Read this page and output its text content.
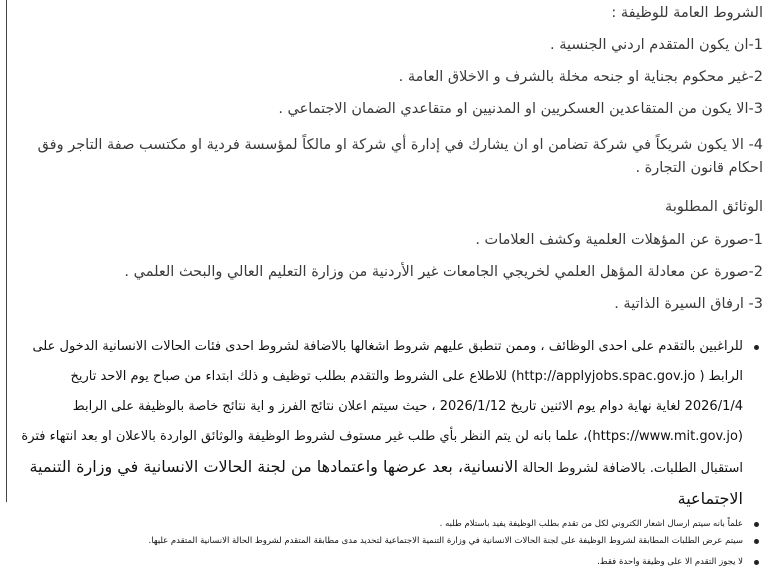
الشروط العامة للوظيفة :
1-ان يكون المتقدم اردني الجنسية .
2-غير محكوم بجناية او جنحه مخلة بالشرف و الاخلاق العامة .
3-الا يكون من المتقاعدين العسكريين او المدنيين او متقاعدي الضمان الاجتماعي .
4- الا يكون شريكاً في شركة تضامن او ان يشارك في إدارة أي شركة او مالكاً لمؤسسة فردية او مكتسب صفة التاجر وفق احكام قانون التجارة .
الوثائق المطلوبة
1-صورة عن المؤهلات العلمية وكشف العلامات .
2-صورة عن معادلة المؤهل العلمي لخريجي الجامعات غير الأردنية من وزارة التعليم العالي والبحث العلمي .
3- ارفاق السيرة الذاتية .
للراغبين بالتقدم على احدى الوظائف ، وممن تنطبق عليهم شروط اشغالها بالاضافة لشروط احدى فئات الحالات الانسانية الدخول على الرابط ( http://applyjobs.spac.gov.jo) للاطلاع على الشروط والتقدم بطلب توظيف و ذلك ابتداء من صباح يوم الاحد تاريخ 2026/1/4 لغاية نهاية دوام يوم الاثنين تاريخ 2026/1/12 ، حيث سيتم اعلان نتائج الفرز و اية نتائج خاصة بالوظيفة على الرابط (https://www.mit.gov.jo)، علما بانه لن يتم النظر بأي طلب غير مستوف لشروط الوظيفة والوثائق الواردة بالاعلان او بعد انتهاء فترة استقبال الطلبات. بالاضافة لشروط الحالة الانسانية، بعد عرضها واعتمادها من لجنة الحالات الانسانية في وزارة التنمية الاجتماعية
علماً بانه سيتم ارسال اشعار الكتروني لكل من تقدم بطلب الوظيفة يفيد باستلام طلبه .
سيتم عرض الطلبات المطابقة لشروط الوظيفة على لجنة الحالات الانسانية في وزارة التنمية الاجتماعية لتحديد مدى مطابقة المتقدم لشروط الحالة الانسانية المتقدم عليها.
لا يجوز التقدم الا على وظيفة واحدة فقط.
